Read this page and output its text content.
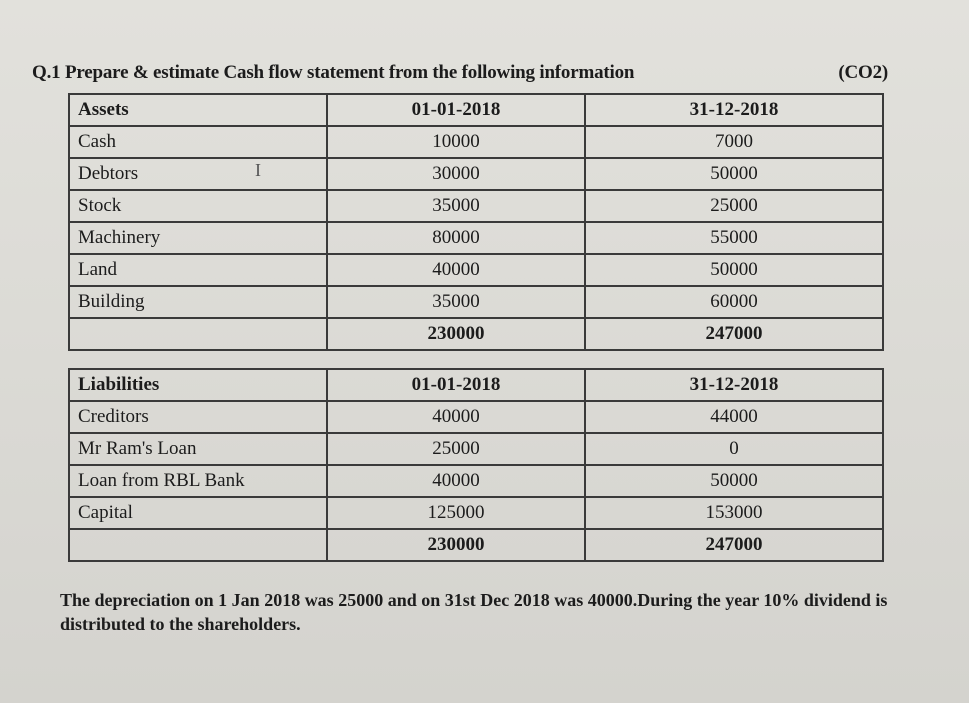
Q.1 Prepare & estimate Cash flow statement from the following information	(CO2)
I
Assets	01-01-2018	31-12-2018
Cash	10000	7000
Debtors	30000	50000
Stock	35000	25000
Machinery	80000	55000
Land	40000	50000
Building	35000	60000
	230000	247000
Liabilities	01-01-2018	31-12-2018
Creditors	40000	44000
Mr Ram's Loan	25000	0
Loan from RBL Bank	40000	50000
Capital	125000	153000
	230000	247000
The depreciation on 1 Jan 2018 was 25000 and on 31st Dec 2018 was 40000.During the year 10% dividend is distributed to the shareholders.
